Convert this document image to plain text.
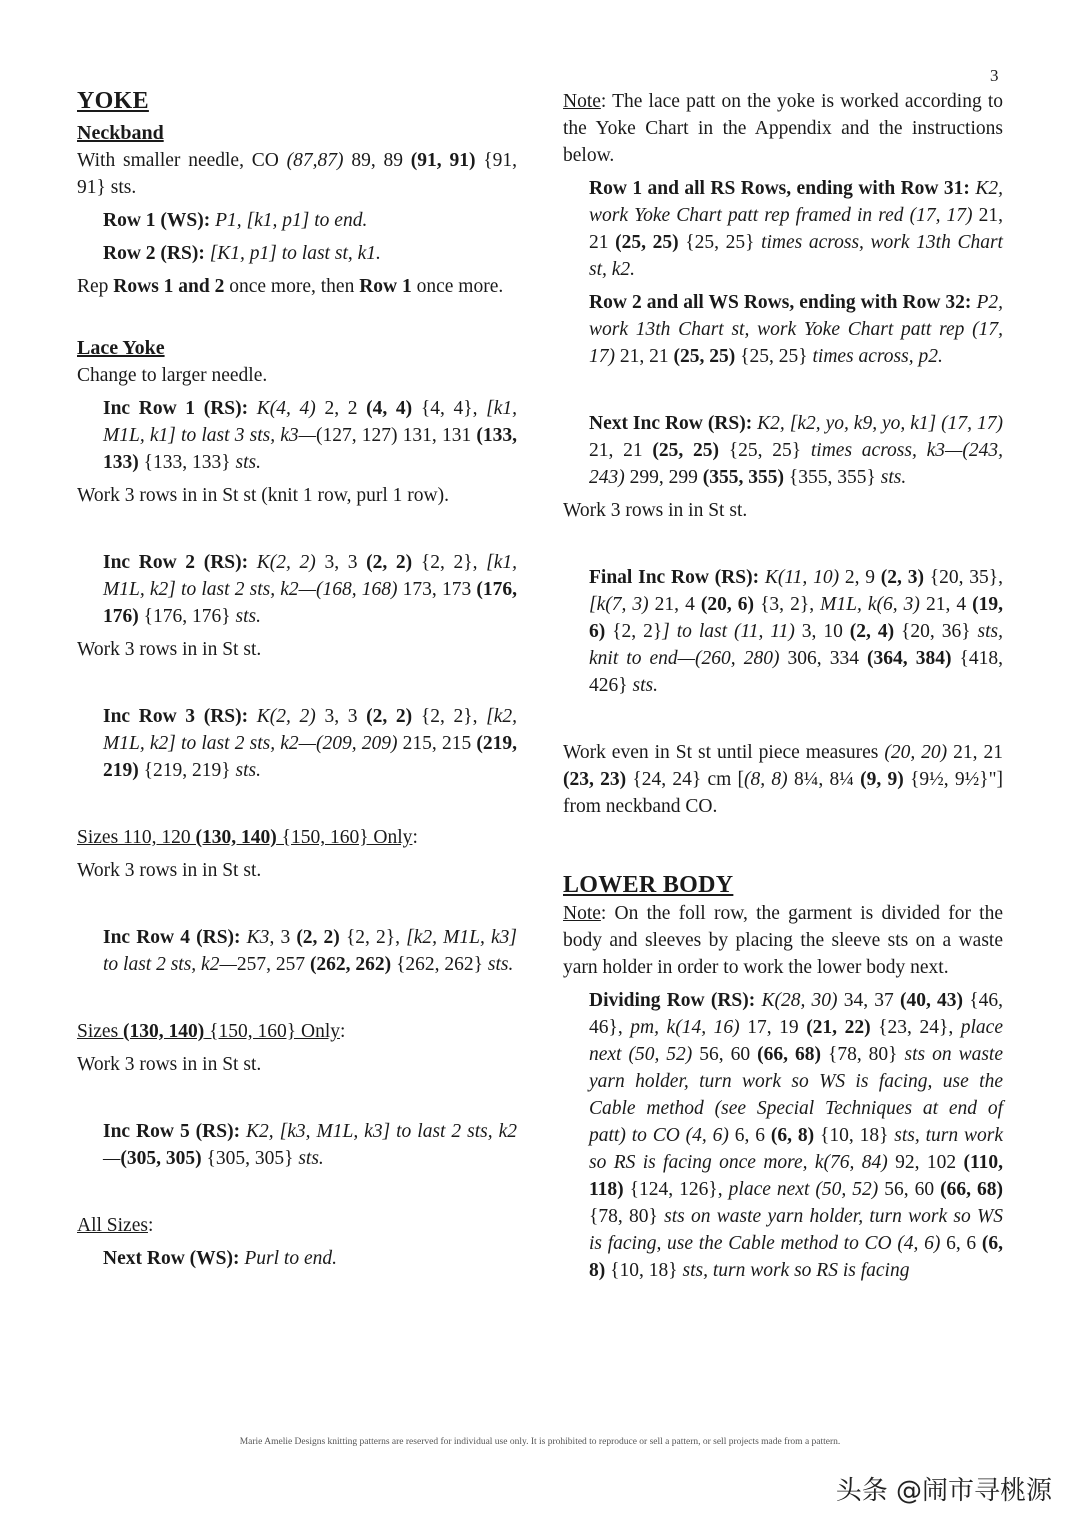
3
YOKE
Neckband

With smaller needle, CO (87,87) 89, 89 (91, 91) {91, 91} sts.

Row 1 (WS): P1, [k1, p1] to end.

Row 2 (RS): [K1, p1] to last st, k1.

Rep Rows 1 and 2 once more, then Row 1 once more.

Lace Yoke

Change to larger needle.

Inc Row 1 (RS): K(4, 4) 2, 2 (4, 4) {4, 4}, [k1, M1L, k1] to last 3 sts, k3—(127, 127) 131, 131 (133, 133) {133, 133} sts.

Work 3 rows in in St st (knit 1 row, purl 1 row).

Inc Row 2 (RS): K(2, 2) 3, 3 (2, 2) {2, 2}, [k1, M1L, k2] to last 2 sts, k2—(168, 168) 173, 173 (176, 176) {176, 176} sts.

Work 3 rows in in St st.

Inc Row 3 (RS): K(2, 2) 3, 3 (2, 2) {2, 2}, [k2, M1L, k2] to last 2 sts, k2—(209, 209) 215, 215 (219, 219) {219, 219} sts.

Sizes 110, 120 (130, 140) {150, 160} Only:

Work 3 rows in in St st.

Inc Row 4 (RS): K3, 3 (2, 2) {2, 2}, [k2, M1L, k3] to last 2 sts, k2—257, 257 (262, 262) {262, 262} sts.

Sizes (130, 140) {150, 160} Only:

Work 3 rows in in St st.

Inc Row 5 (RS): K2, [k3, M1L, k3] to last 2 sts, k2—(305, 305) {305, 305} sts.

All Sizes:

Next Row (WS): Purl to end.

Note: The lace patt on the yoke is worked according to the Yoke Chart in the Appendix and the instructions below.

Row 1 and all RS Rows, ending with Row 31: K2, work Yoke Chart patt rep framed in red (17, 17) 21, 21 (25, 25) {25, 25} times across, work 13th Chart st, k2.

Row 2 and all WS Rows, ending with Row 32: P2, work 13th Chart st, work Yoke Chart patt rep (17, 17) 21, 21 (25, 25) {25, 25} times across, p2.

Next Inc Row (RS): K2, [k2, yo, k9, yo, k1] (17, 17) 21, 21 (25, 25) {25, 25} times across, k3—(243, 243) 299, 299 (355, 355) {355, 355} sts.

Work 3 rows in in St st.

Final Inc Row (RS): K(11, 10) 2, 9 (2, 3) {20, 35}, [k(7, 3) 21, 4 (20, 6) {3, 2}, M1L, k(6, 3) 21, 4 (19, 6) {2, 2}] to last (11, 11) 3, 10 (2, 4) {20, 36} sts, knit to end—(260, 280) 306, 334 (364, 384) {418, 426} sts.

Work even in St st until piece measures (20, 20) 21, 21 (23, 23) {24, 24} cm [(8, 8) 8¼, 8¼ (9, 9) {9½, 9½}"] from neckband CO.

LOWER BODY

Note: On the foll row, the garment is divided for the body and sleeves by placing the sleeve sts on a waste yarn holder in order to work the lower body next.

Dividing Row (RS): K(28, 30) 34, 37 (40, 43) {46, 46}, pm, k(14, 16) 17, 19 (21, 22) {23, 24}, place next (50, 52) 56, 60 (66, 68) {78, 80} sts on waste yarn holder, turn work so WS is facing, use the Cable method (see Special Techniques at end of patt) to CO (4, 6) 6, 6 (6, 8) {10, 18} sts, turn work so RS is facing once more, k(76, 84) 92, 102 (110, 118) {124, 126}, place next (50, 52) 56, 60 (66, 68) {78, 80} sts on waste yarn holder, turn work so WS is facing, use the Cable method to CO (4, 6) 6, 6 (6, 8) {10, 18} sts, turn work so RS is facing

Marie Amelie Designs knitting patterns are reserved for individual use only. It is prohibited to reproduce or sell a pattern, or sell projects made from a pattern.
头条 @闹市寻桃源
